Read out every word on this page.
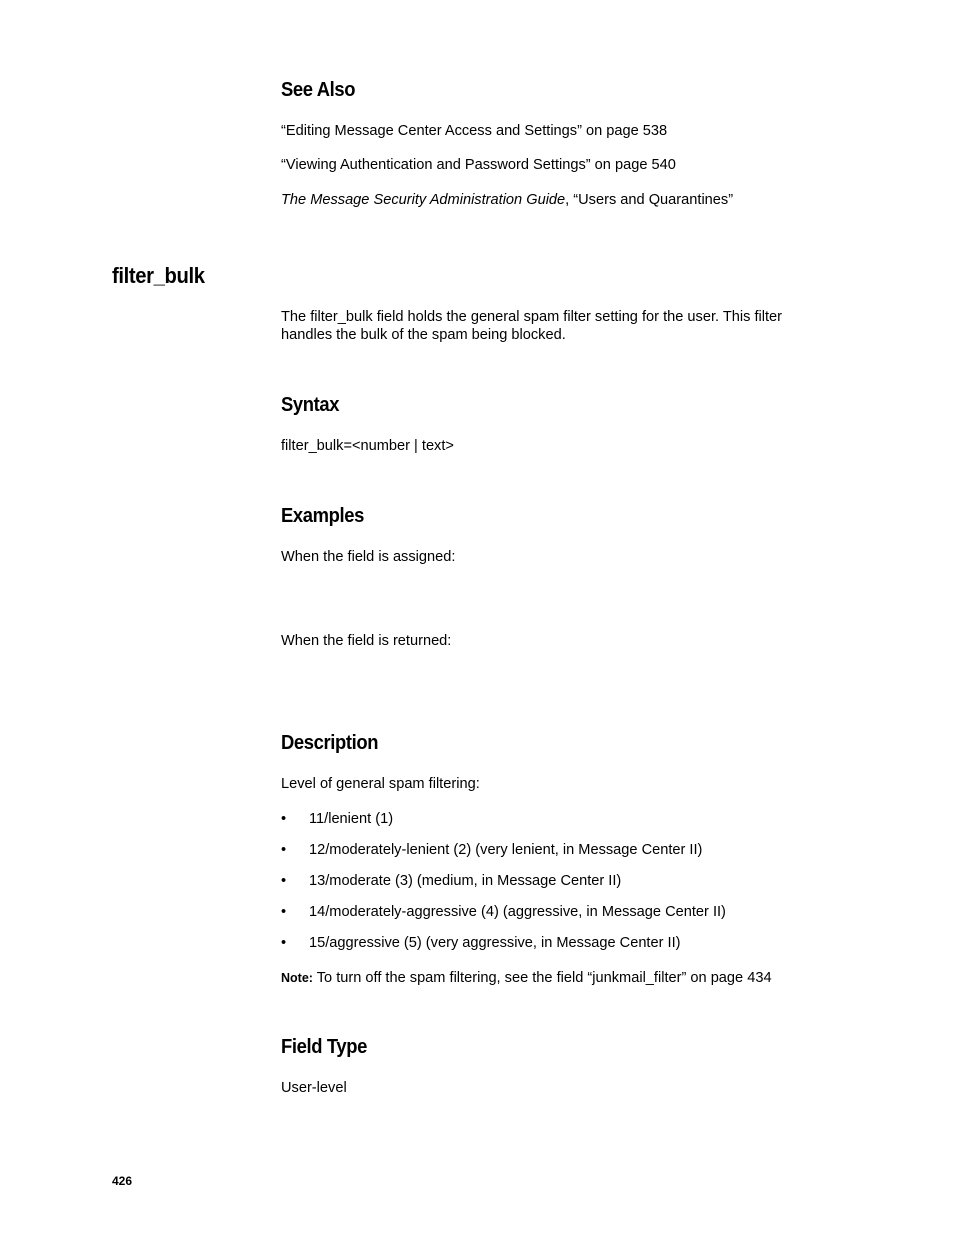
See Also
“Editing Message Center Access and Settings” on page 538
“Viewing Authentication and Password Settings” on page 540
The Message Security Administration Guide, “Users and Quarantines”
filter_bulk
The filter_bulk field holds the general spam filter setting for the user. This filter handles the bulk of the spam being blocked.
Syntax
filter_bulk=<number | text>
Examples
When the field is assigned:
When the field is returned:
Description
Level of general spam filtering:
• 11/lenient (1)
• 12/moderately-lenient (2) (very lenient, in Message Center II)
• 13/moderate (3) (medium, in Message Center II)
• 14/moderately-aggressive (4) (aggressive, in Message Center II)
• 15/aggressive (5) (very aggressive, in Message Center II)
Note: To turn off the spam filtering, see the field “junkmail_filter” on page 434
Field Type
User-level
426
